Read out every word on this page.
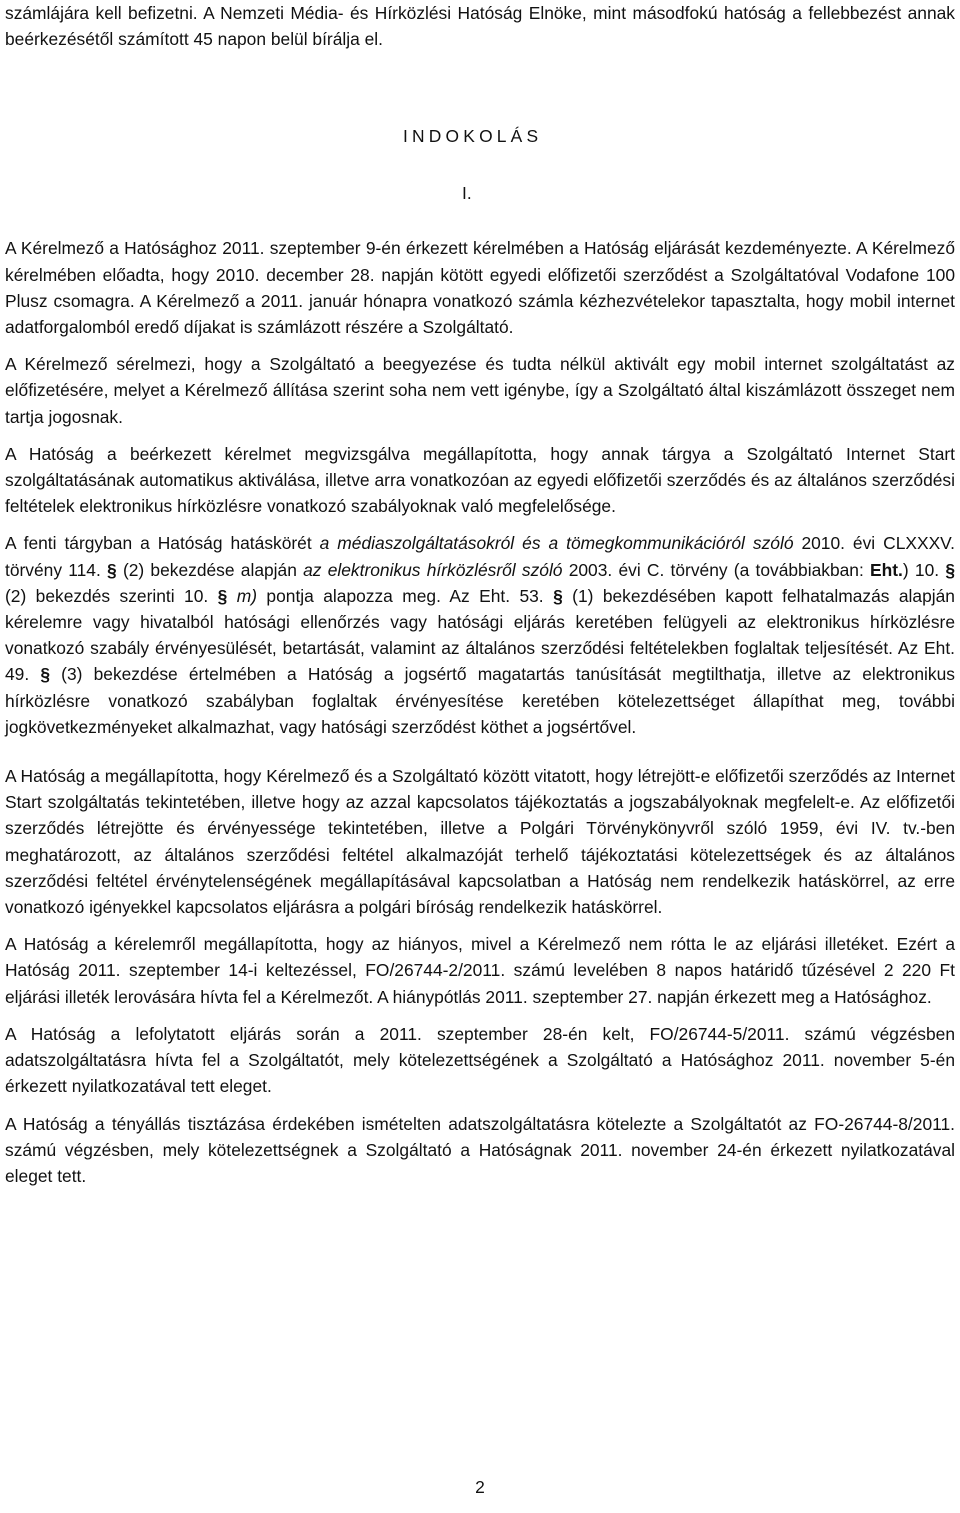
számlájára kell befizetni. A Nemzeti Média- és Hírközlési Hatóság Elnöke, mint másodfokú hatóság a fellebbezést annak beérkezésétől számított 45 napon belül bírálja el.

A Kérelmező a Hatósághoz 2011. szeptember 9-én érkezett kérelmében a Hatóság eljárását kezdeményezte. A Kérelmező kérelmében előadta, hogy 2010. december 28. napján kötött egyedi előfizetői szerződést a Szolgáltatóval Vodafone 100 Plusz csomagra. A Kérelmező a 2011. január hónapra vonatkozó számla kézhezvételekor tapasztalta, hogy mobil internet adatforgalomból eredő díjakat is számlázott részére a Szolgáltató.

A Kérelmező sérelmezi, hogy a Szolgáltató a beegyezése és tudta nélkül aktivált egy mobil internet szolgáltatást az előfizetésére, melyet a Kérelmező állítása szerint soha nem vett igénybe, így a Szolgáltató által kiszámlázott összeget nem tartja jogosnak.

A Hatóság a beérkezett kérelmet megvizsgálva megállapította, hogy annak tárgya a Szolgáltató Internet Start szolgáltatásának automatikus aktiválása, illetve arra vonatkozóan az egyedi előfizetői szerződés és az általános szerződési feltételek elektronikus hírközlésre vonatkozó szabályoknak való megfelelősége.

A fenti tárgyban a Hatóság hatáskörét a médiaszolgáltatásokról és a tömegkommunikációról szóló 2010. évi CLXXXV. törvény 114. § (2) bekezdése alapján az elektronikus hírközlésről szóló 2003. évi C. törvény (a továbbiakban: Eht.) 10. § (2) bekezdés szerinti 10. § m) pontja alapozza meg. Az Eht. 53. § (1) bekezdésében kapott felhatalmazás alapján kérelemre vagy hivatalból hatósági ellenőrzés vagy hatósági eljárás keretében felügyeli az elektronikus hírközlésre vonatkozó szabály érvényesülését, betartását, valamint az általános szerződési feltételekben foglaltak teljesítését. Az Eht. 49. § (3) bekezdése értelmében a Hatóság a jogsértő magatartás tanúsítását megtilthatja, illetve az elektronikus hírközlésre vonatkozó szabályban foglaltak érvényesítése keretében kötelezettséget állapíthat meg, további jogkövetkezményeket alkalmazhat, vagy hatósági szerződést köthet a jogsértővel.

A Hatóság a megállapította, hogy Kérelmező és a Szolgáltató között vitatott, hogy létrejött-e előfizetői szerződés az Internet Start szolgáltatás tekintetében, illetve hogy az azzal kapcsolatos tájékoztatás a jogszabályoknak megfelelt-e. Az előfizetői szerződés létrejötte és érvényessége tekintetében, illetve a Polgári Törvénykönyvről szóló 1959, évi IV. tv.-ben meghatározott, az általános szerződési feltétel alkalmazóját terhelő tájékoztatási kötelezettségek és az általános szerződési feltétel érvénytelenségének megállapításával kapcsolatban a Hatóság nem rendelkezik hatáskörrel, az erre vonatkozó igényekkel kapcsolatos eljárásra a polgári bíróság rendelkezik hatáskörrel.

A Hatóság a kérelemről megállapította, hogy az hiányos, mivel a Kérelmező nem rótta le az eljárási illetéket. Ezért a Hatóság 2011. szeptember 14-i keltezéssel, FO/26744-2/2011. számú levelében 8 napos határidő tűzésével 2 220 Ft eljárási illeték lerovására hívta fel a Kérelmezőt. A hiánypótlás 2011. szeptember 27. napján érkezett meg a Hatósághoz.

A Hatóság a lefolytatott eljárás során a 2011. szeptember 28-én kelt, FO/26744-5/2011. számú végzésben adatszolgáltatásra hívta fel a Szolgáltatót, mely kötelezettségének a Szolgáltató a Hatósághoz 2011. november 5-én érkezett nyilatkozatával tett eleget.

A Hatóság a tényállás tisztázása érdekében ismételten adatszolgáltatásra kötelezte a Szolgáltatót az FO-26744-8/2011. számú végzésben, mely kötelezettségnek a Szolgáltató a Hatóságnak 2011. november 24-én érkezett nyilatkozatával eleget tett.

INDOKOLÁS
I.
2
